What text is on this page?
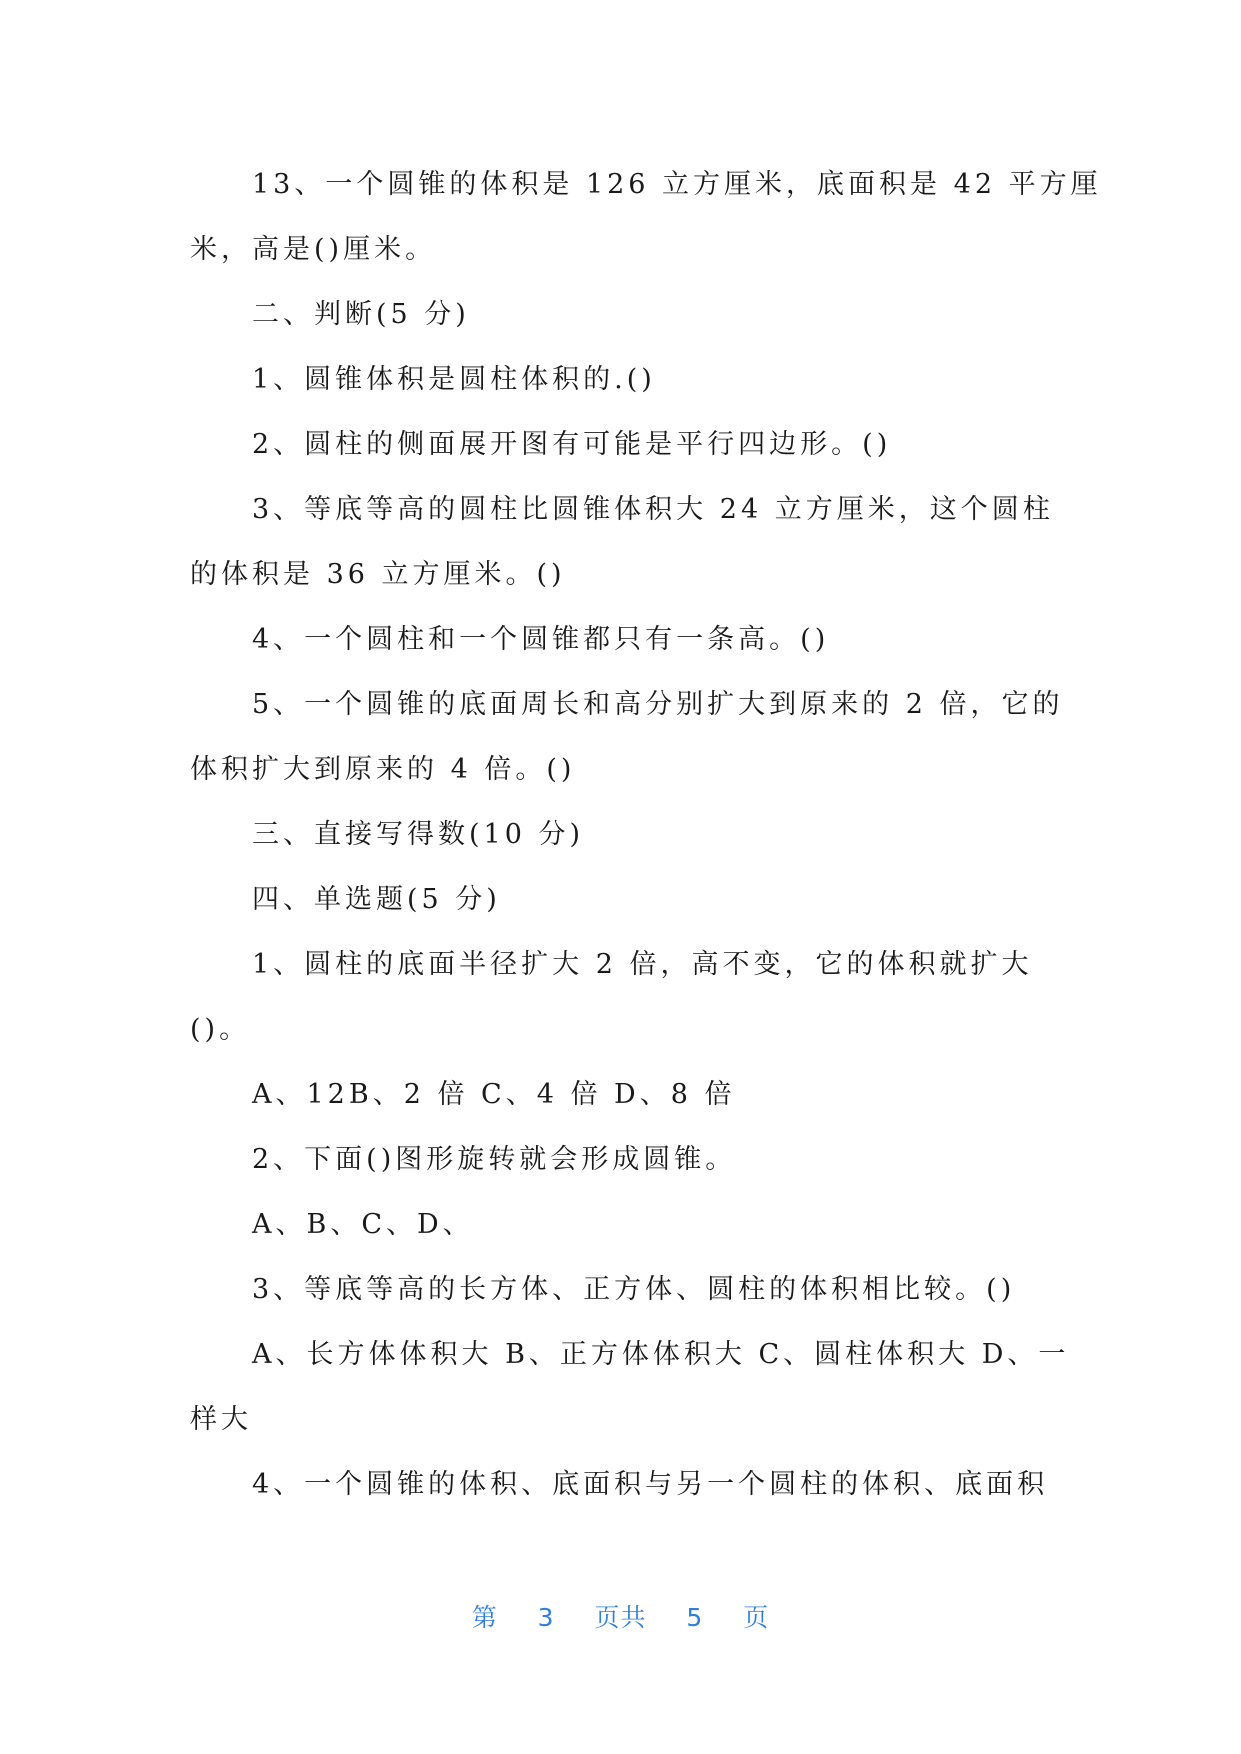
13、一个圆锥的体积是 126 立方厘米，底面积是 42 平方厘
米，高是()厘米。
二、判断(5 分)
1、圆锥体积是圆柱体积的.()
2、圆柱的侧面展开图有可能是平行四边形。()
3、等底等高的圆柱比圆锥体积大 24 立方厘米，这个圆柱
的体积是 36 立方厘米。()
4、一个圆柱和一个圆锥都只有一条高。()
5、一个圆锥的底面周长和高分别扩大到原来的 2 倍，它的
体积扩大到原来的 4 倍。()
三、直接写得数(10 分)
四、单选题(5 分)
1、圆柱的底面半径扩大 2 倍，高不变，它的体积就扩大
()。
A、12B、2 倍 C、4 倍 D、8 倍
2、下面()图形旋转就会形成圆锥。
A、B、C、D、
3、等底等高的长方体、正方体、圆柱的体积相比较。()
A、长方体体积大 B、正方体体积大 C、圆柱体积大 D、一
样大
4、一个圆锥的体积、底面积与另一个圆柱的体积、底面积
第 3 页共 5 页
